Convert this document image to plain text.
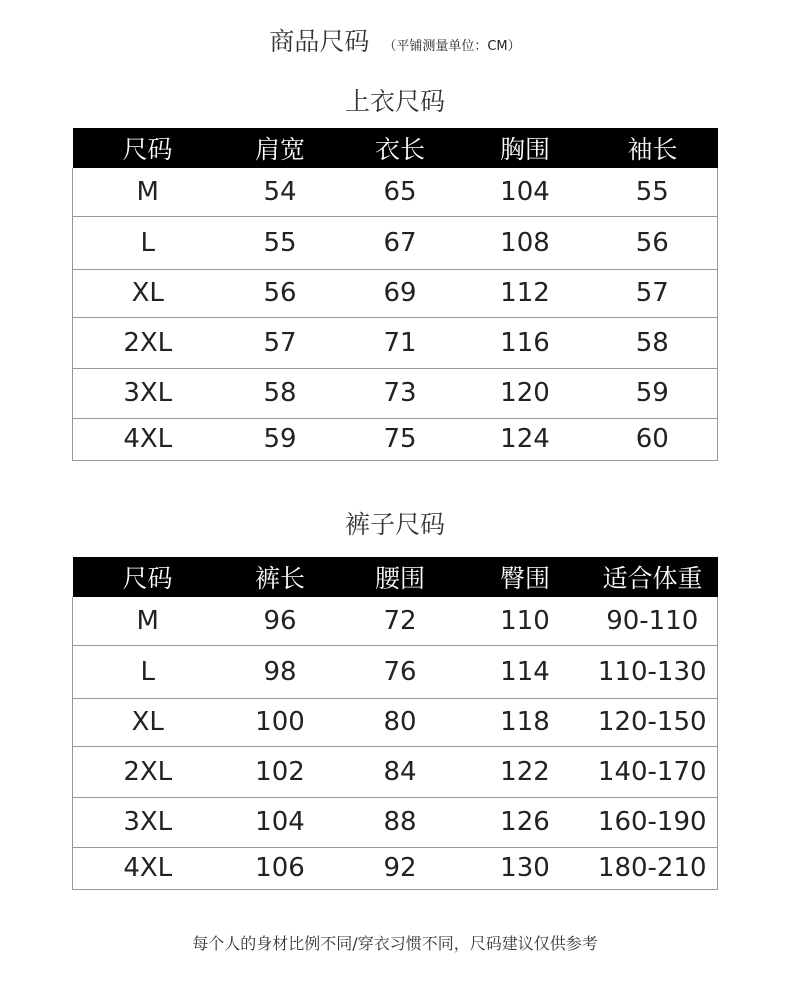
商品尺码 （平铺测量单位：CM）
上衣尺码
尺码	肩宽	衣长	胸围	袖长
M	54	65	104	55
L	55	67	108	56
XL	56	69	112	57
2XL	57	71	116	58
3XL	58	73	120	59
4XL	59	75	124	60
裤子尺码
尺码	裤长	腰围	臀围	适合体重
M	96	72	110	90-110
L	98	76	114	110-130
XL	100	80	118	120-150
2XL	102	84	122	140-170
3XL	104	88	126	160-190
4XL	106	92	130	180-210
每个人的身材比例不同/穿衣习惯不同，尺码建议仅供参考
